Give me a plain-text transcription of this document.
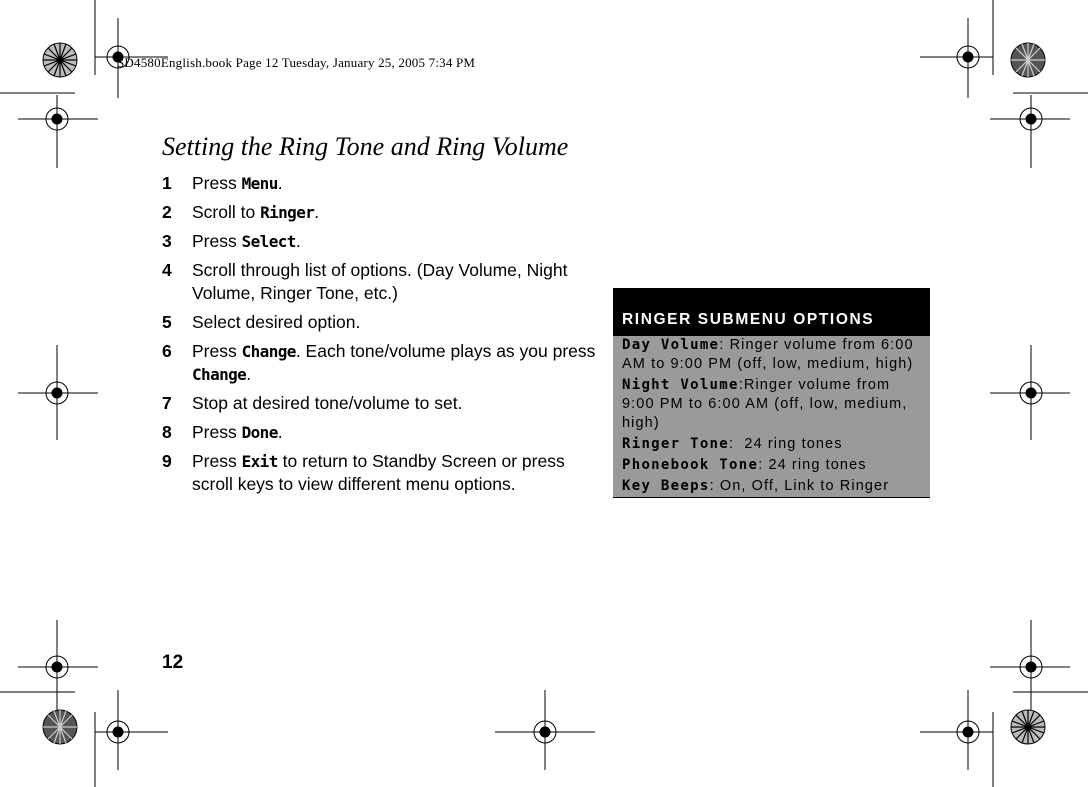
SD4580English.book Page 12 Tuesday, January 25, 2005 7:34 PM
Setting the Ring Tone and Ring Volume
1 Press Menu.
2 Scroll to Ringer.
3 Press Select.
4 Scroll through list of options. (Day Volume, Night Volume, Ringer Tone, etc.)
5 Select desired option.
6 Press Change. Each tone/volume plays as you press Change.
7 Stop at desired tone/volume to set.
8 Press Done.
9 Press Exit to return to Standby Screen or press scroll keys to view different menu options.
RINGER SUBMENU OPTIONS
Day Volume: Ringer volume from 6:00 AM to 9:00 PM (off, low, medium, high)
Night Volume:Ringer volume from 9:00 PM to 6:00 AM (off, low, medium, high)
Ringer Tone:  24 ring tones
Phonebook Tone: 24 ring tones
Key Beeps: On, Off, Link to Ringer
12
